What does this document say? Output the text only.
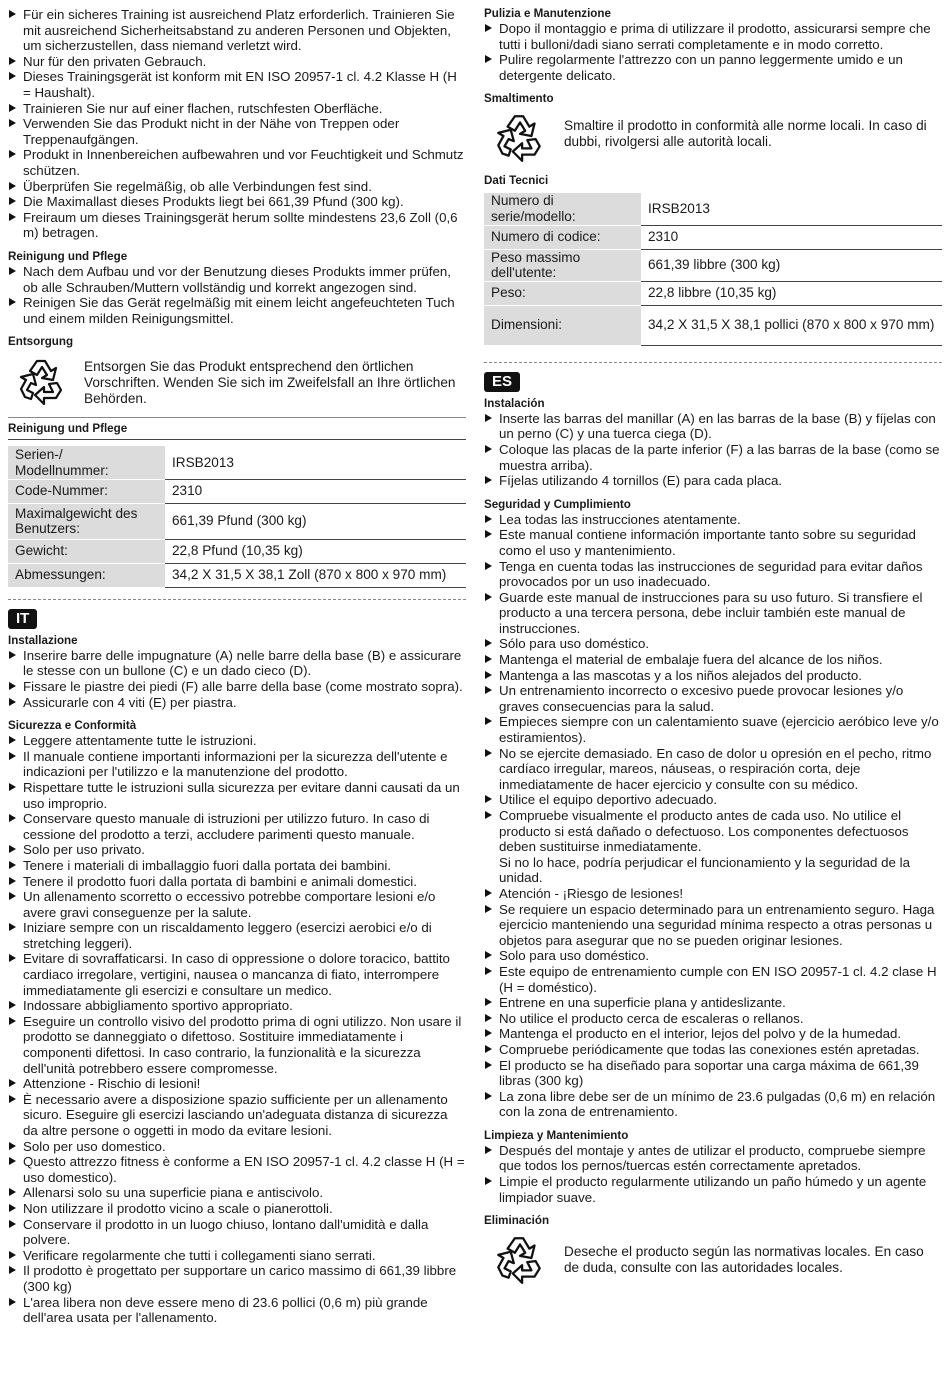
Für ein sicheres Training ist ausreichend Platz erforderlich. Trainieren Sie mit ausreichend Sicherheitsabstand zu anderen Personen und Objekten, um sicherzustellen, dass niemand verletzt wird.
Nur für den privaten Gebrauch.
Dieses Trainingsgerät ist konform mit EN ISO 20957-1 cl. 4.2 Klasse H (H = Haushalt).
Trainieren Sie nur auf einer flachen, rutschfesten Oberfläche.
Verwenden Sie das Produkt nicht in der Nähe von Treppen oder Treppenaufgängen.
Produkt in Innenbereichen aufbewahren und vor Feuchtigkeit und Schmutz schützen.
Überprüfen Sie regelmäßig, ob alle Verbindungen fest sind.
Die Maximallast dieses Produkts liegt bei 661,39 Pfund (300 kg).
Freiraum um dieses Trainingsgerät herum sollte mindestens 23,6 Zoll (0,6 m) betragen.

Reinigung und Pflege

Nach dem Aufbau und vor der Benutzung dieses Produkts immer prüfen, ob alle Schrauben/Muttern vollständig und korrekt angezogen sind.
Reinigen Sie das Gerät regelmäßig mit einem leicht angefeuchteten Tuch und einem milden Reinigungsmittel.

Entsorgung

Entsorgen Sie das Produkt entsprechend den örtlichen Vorschriften. Wenden Sie sich im Zweifelsfall an Ihre örtlichen Behörden.

Reinigung und Pflege

Serien-/ Modellnummer:	IRSB2013
Code-Nummer:	2310
Maximalgewicht des Benutzers:	661,39 Pfund (300 kg)
Gewicht:	22,8 Pfund (10,35 kg)
Abmessungen:	34,2 X 31,5 X 38,1 Zoll (870 x 800 x 970 mm)
IT

Installazione

Inserire barre delle impugnature (A) nelle barre della base (B) e assicurare le stesse con un bullone (C) e un dado cieco (D).
Fissare le piastre dei piedi (F) alle barre della base (come mostrato sopra).
Assicurarle con 4 viti (E) per piastra.

Sicurezza e Conformità

Leggere attentamente tutte le istruzioni.
Il manuale contiene importanti informazioni per la sicurezza dell'utente e indicazioni per l'utilizzo e la manutenzione del prodotto.
Rispettare tutte le istruzioni sulla sicurezza per evitare danni causati da un uso improprio.
Conservare questo manuale di istruzioni per utilizzo futuro. In caso di cessione del prodotto a terzi, accludere parimenti questo manuale.
Solo per uso privato.
Tenere i materiali di imballaggio fuori dalla portata dei bambini.
Tenere il prodotto fuori dalla portata di bambini e animali domestici.
Un allenamento scorretto o eccessivo potrebbe comportare lesioni e/o avere gravi conseguenze per la salute.
Iniziare sempre con un riscaldamento leggero (esercizi aerobici e/o di stretching leggeri).
Evitare di sovraffaticarsi. In caso di oppressione o dolore toracico, battito cardiaco irregolare, vertigini, nausea o mancanza di fiato, interrompere immediatamente gli esercizi e consultare un medico.
Indossare abbigliamento sportivo appropriato.
Eseguire un controllo visivo del prodotto prima di ogni utilizzo. Non usare il prodotto se danneggiato o difettoso. Sostituire immediatamente i componenti difettosi. In caso contrario, la funzionalità e la sicurezza dell'unità potrebbero essere compromesse.
Attenzione - Rischio di lesioni!
È necessario avere a disposizione spazio sufficiente per un allenamento sicuro. Eseguire gli esercizi lasciando un'adeguata distanza di sicurezza da altre persone o oggetti in modo da evitare lesioni.
Solo per uso domestico.
Questo attrezzo fitness è conforme a EN ISO 20957-1 cl. 4.2 classe H (H = uso domestico).
Allenarsi solo su una superficie piana e antiscivolo.
Non utilizzare il prodotto vicino a scale o pianerottoli.
Conservare il prodotto in un luogo chiuso, lontano dall'umidità e dalla polvere.
Verificare regolarmente che tutti i collegamenti siano serrati.
Il prodotto è progettato per supportare un carico massimo di 661,39 libbre (300 kg)
L'area libera non deve essere meno di 23.6 pollici (0,6 m) più grande dell'area usata per l'allenamento.

Pulizia e Manutenzione

Dopo il montaggio e prima di utilizzare il prodotto, assicurarsi sempre che tutti i bulloni/dadi siano serrati completamente e in modo corretto.
Pulire regolarmente l'attrezzo con un panno leggermente umido e un detergente delicato.

Smaltimento

Smaltire il prodotto in conformità alle norme locali. In caso di dubbi, rivolgersi alle autorità locali.

Dati Tecnici

Numero di serie/modello:	IRSB2013
Numero di codice:	2310
Peso massimo dell'utente:	661,39 libbre (300 kg)
Peso:	22,8 libbre (10,35 kg)
Dimensioni:	34,2 X 31,5 X 38,1 pollici (870 x 800 x 970 mm)
ES

Instalación

Inserte las barras del manillar (A) en las barras de la base (B) y fíjelas con un perno (C) y una tuerca ciega (D).
Coloque las placas de la parte inferior (F) a las barras de la base (como se muestra arriba).
Fíjelas utilizando 4 tornillos (E) para cada placa.

Seguridad y Cumplimiento

Lea todas las instrucciones atentamente.
Este manual contiene información importante tanto sobre su seguridad como el uso y mantenimiento.
Tenga en cuenta todas las instrucciones de seguridad para evitar daños provocados por un uso inadecuado.
Guarde este manual de instrucciones para su uso futuro. Si transfiere el producto a una tercera persona, debe incluir también este manual de instrucciones.
Sólo para uso doméstico.
Mantenga el material de embalaje fuera del alcance de los niños.
Mantenga a las mascotas y a los niños alejados del producto.
Un entrenamiento incorrecto o excesivo puede provocar lesiones y/o graves consecuencias para la salud.
Empieces siempre con un calentamiento suave (ejercicio aeróbico leve y/o estiramientos).
No se ejercite demasiado. En caso de dolor u opresión en el pecho, ritmo cardíaco irregular, mareos, náuseas, o respiración corta, deje inmediatamente de hacer ejercicio y consulte con su médico.
Utilice el equipo deportivo adecuado.
Compruebe visualmente el producto antes de cada uso. No utilice el producto si está dañado o defectuoso. Los componentes defectuosos deben sustituirse inmediatamente.
Si no lo hace, podría perjudicar el funcionamiento y la seguridad de la unidad.
Atención - ¡Riesgo de lesiones!
Se requiere un espacio determinado para un entrenamiento seguro. Haga ejercicio manteniendo una seguridad mínima respecto a otras personas u objetos para asegurar que no se pueden originar lesiones.
Solo para uso doméstico.
Este equipo de entrenamiento cumple con EN ISO 20957-1 cl. 4.2 clase H (H = doméstico).
Entrene en una superficie plana y antideslizante.
No utilice el producto cerca de escaleras o rellanos.
Mantenga el producto en el interior, lejos del polvo y de la humedad.
Compruebe periódicamente que todas las conexiones estén apretadas.
El producto se ha diseñado para soportar una carga máxima de 661,39 libras (300 kg)
La zona libre debe ser de un mínimo de 23.6 pulgadas (0,6 m) en relación con la zona de entrenamiento.

Limpieza y Mantenimiento

Después del montaje y antes de utilizar el producto, compruebe siempre que todos los pernos/tuercas estén correctamente apretados.
Limpie el producto regularmente utilizando un paño húmedo y un agente limpiador suave.

Eliminación

Deseche el producto según las normativas locales. En caso de duda, consulte con las autoridades locales.
